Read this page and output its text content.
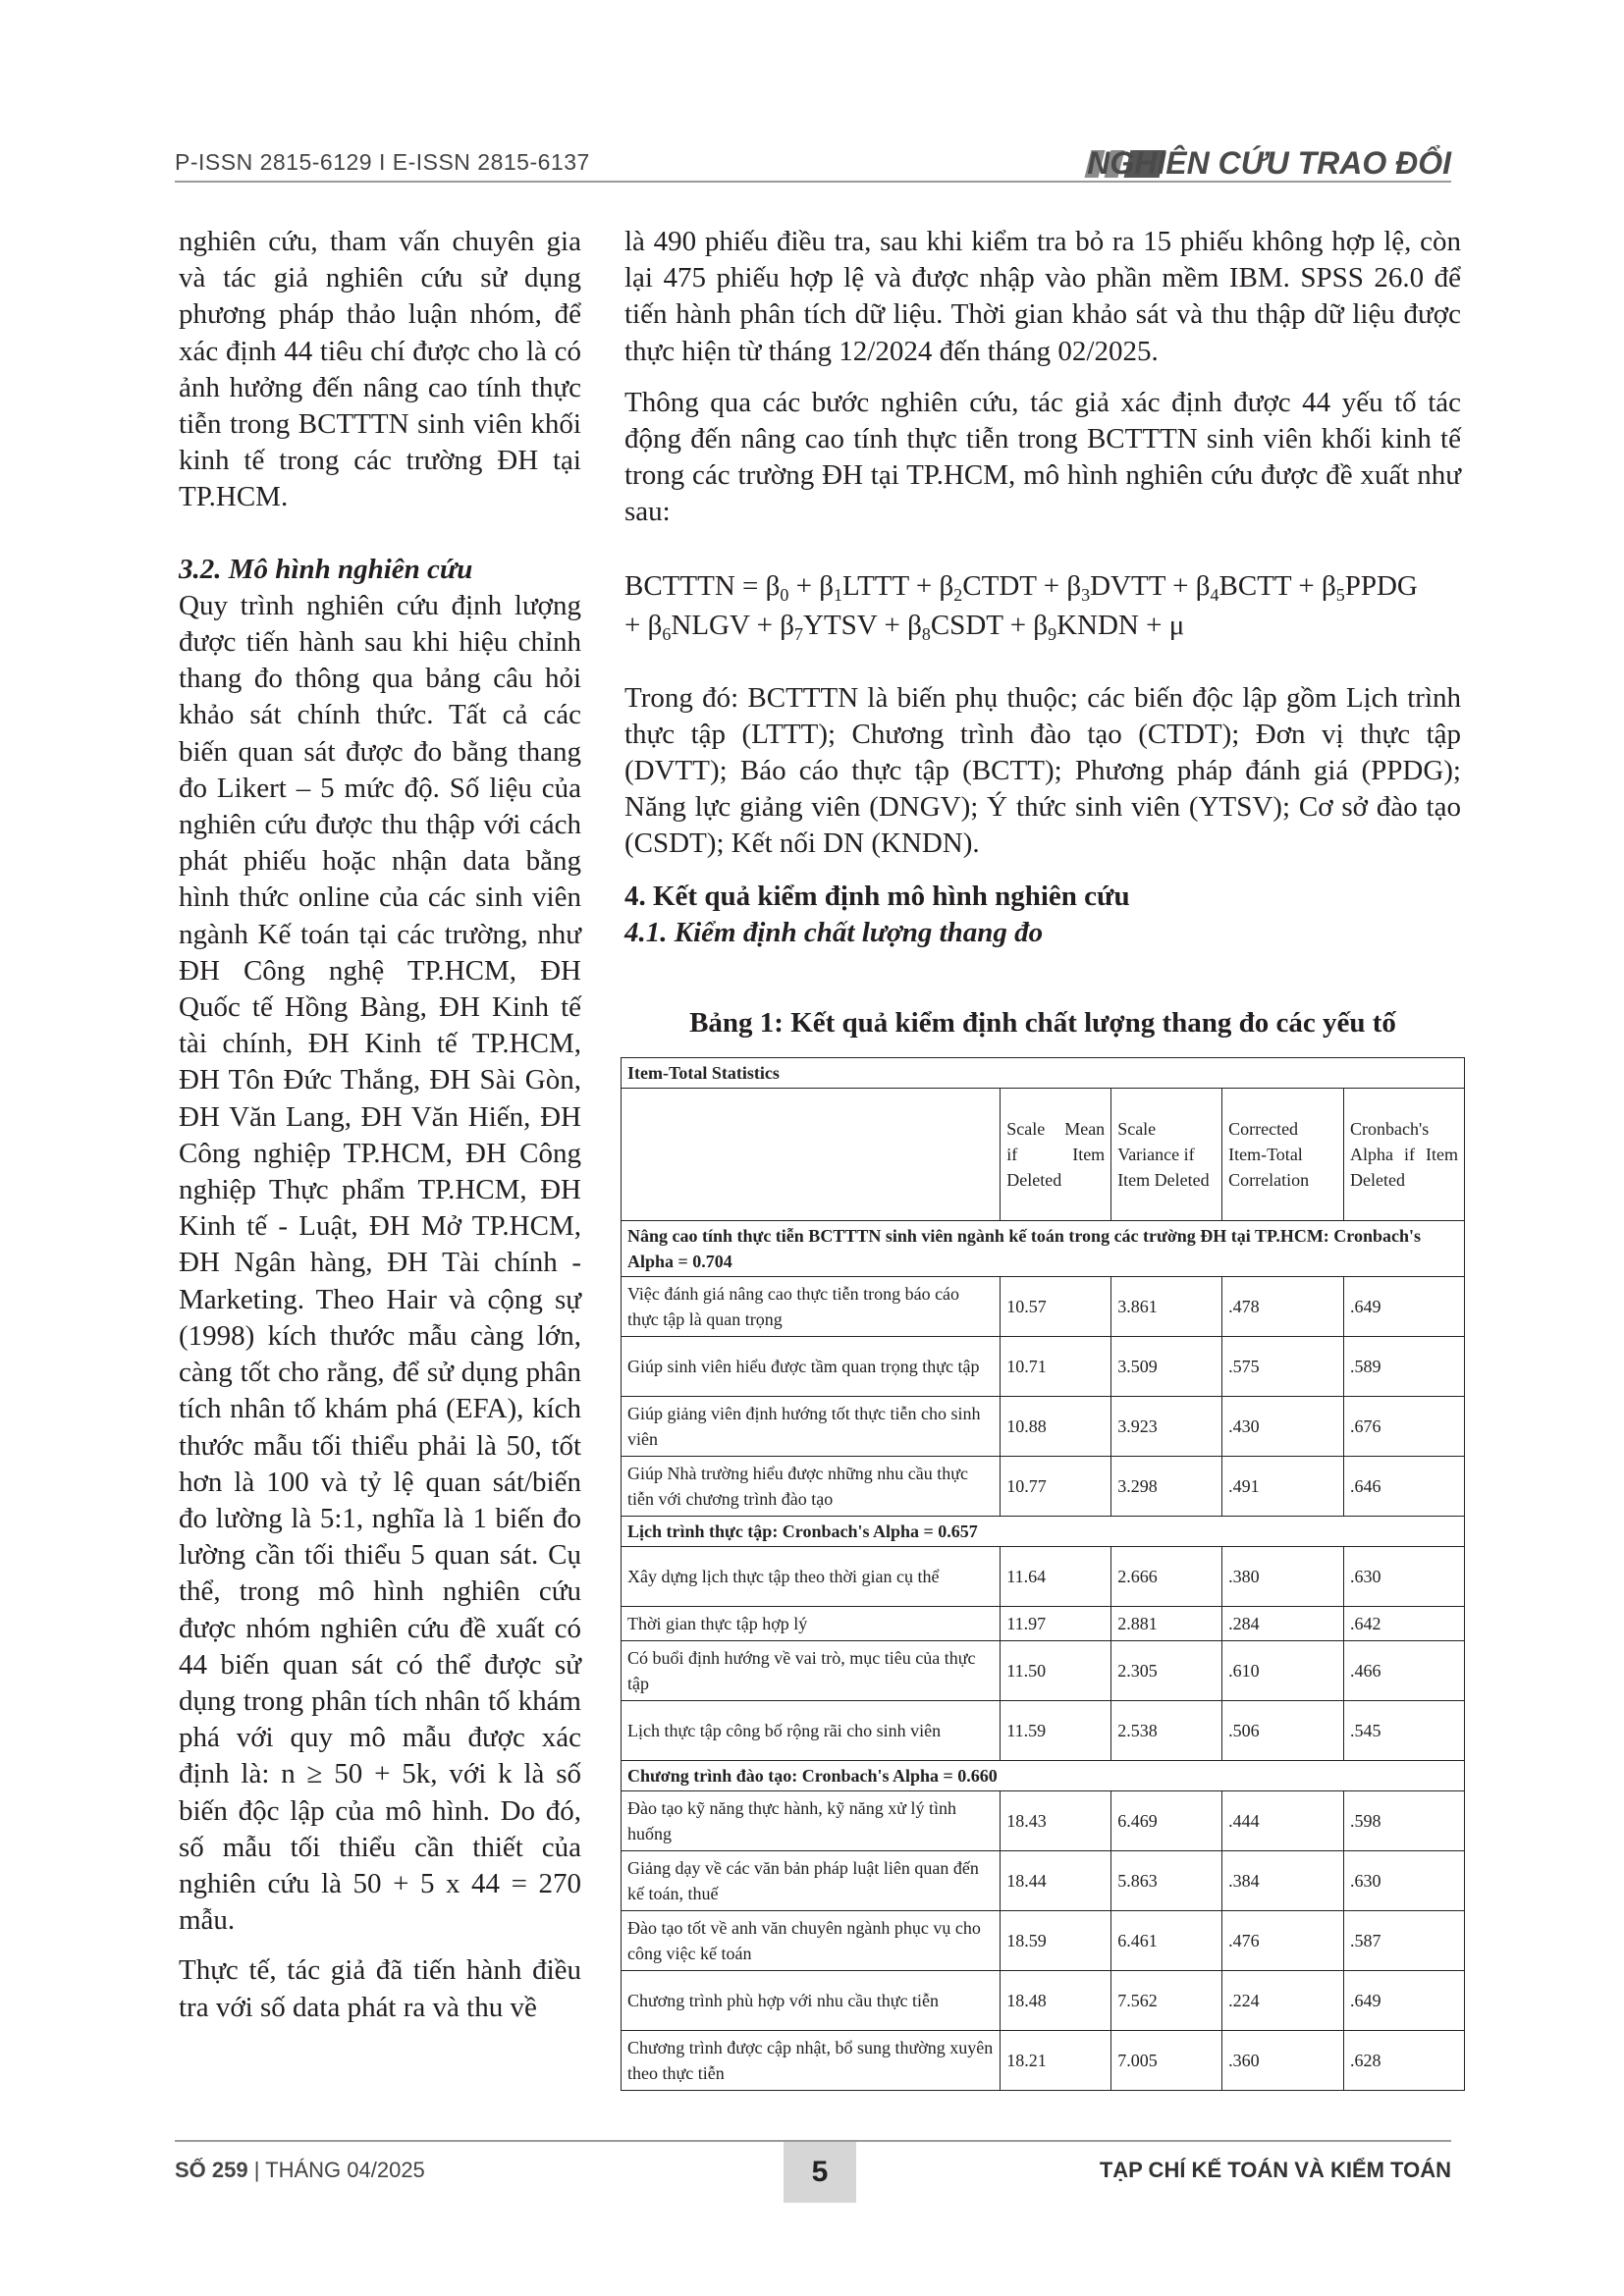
P-ISSN 2815-6129 I E-ISSN 2815-6137	NGHIÊN CỨU TRAO ĐỔI

nghiên cứu, tham vấn chuyên gia và tác giả nghiên cứu sử dụng phương pháp thảo luận nhóm, để xác định 44 tiêu chí được cho là có ảnh hưởng đến nâng cao tính thực tiễn trong BCTTTN sinh viên khối kinh tế trong các trường ĐH tại TP.HCM.

3.2. Mô hình nghiên cứu

Quy trình nghiên cứu định lượng được tiến hành sau khi hiệu chỉnh thang đo thông qua bảng câu hỏi khảo sát chính thức. Tất cả các biến quan sát được đo bằng thang đo Likert – 5 mức độ. Số liệu của nghiên cứu được thu thập với cách phát phiếu hoặc nhận data bằng hình thức online của các sinh viên ngành Kế toán tại các trường, như ĐH Công nghệ TP.HCM, ĐH Quốc tế Hồng Bàng, ĐH Kinh tế tài chính, ĐH Kinh tế TP.HCM, ĐH Tôn Đức Thắng, ĐH Sài Gòn, ĐH Văn Lang, ĐH Văn Hiến, ĐH Công nghiệp TP.HCM, ĐH Công nghiệp Thực phẩm TP.HCM, ĐH Kinh tế - Luật, ĐH Mở TP.HCM, ĐH Ngân hàng, ĐH Tài chính - Marketing. Theo Hair và cộng sự (1998) kích thước mẫu càng lớn, càng tốt cho rằng, để sử dụng phân tích nhân tố khám phá (EFA), kích thước mẫu tối thiểu phải là 50, tốt hơn là 100 và tỷ lệ quan sát/biến đo lường là 5:1, nghĩa là 1 biến đo lường cần tối thiểu 5 quan sát. Cụ thể, trong mô hình nghiên cứu được nhóm nghiên cứu đề xuất có 44 biến quan sát có thể được sử dụng trong phân tích nhân tố khám phá với quy mô mẫu được xác định là: n ≥ 50 + 5k, với k là số biến độc lập của mô hình. Do đó, số mẫu tối thiểu cần thiết của nghiên cứu là 50 + 5 x 44 = 270 mẫu.

Thực tế, tác giả đã tiến hành điều tra với số data phát ra và thu về

là 490 phiếu điều tra, sau khi kiểm tra bỏ ra 15 phiếu không hợp lệ, còn lại 475 phiếu hợp lệ và được nhập vào phần mềm IBM. SPSS 26.0 để tiến hành phân tích dữ liệu. Thời gian khảo sát và thu thập dữ liệu được thực hiện từ tháng 12/2024 đến tháng 02/2025.

Thông qua các bước nghiên cứu, tác giả xác định được 44 yếu tố tác động đến nâng cao tính thực tiễn trong BCTTTN sinh viên khối kinh tế trong các trường ĐH tại TP.HCM, mô hình nghiên cứu được đề xuất như sau:

BCTTTN = $\beta_0$ + $\beta_1LTTT$ + $\beta_2CTDT$ + $\beta_3DVTT$ + $\beta_4BCTT$ + $\beta_5PPDG$
+ $\beta_6NLGV$ + $\beta_7YTSV$ + $\beta_8CSDT$ + $\beta_9KNDN + \mu$

Trong đó: BCTTTN là biến phụ thuộc; các biến độc lập gồm Lịch trình thực tập (LTTT); Chương trình đào tạo (CTDT); Đơn vị thực tập (DVTT); Báo cáo thực tập (BCTT); Phương pháp đánh giá (PPDG); Năng lực giảng viên (DNGV); Ý thức sinh viên (YTSV); Cơ sở đào tạo (CSDT); Kết nối DN (KNDN).

4. Kết quả kiểm định mô hình nghiên cứu

4.1. Kiểm định chất lượng thang đo

Bảng 1: Kết quả kiểm định chất lượng thang đo các yếu tố
Item-Total Statistics				
	Scale Mean if Item Deleted	Scale Variance if Item Deleted	Corrected Item-Total Correlation	Cronbach's Alpha if Item Deleted
Nâng cao tính thực tiễn BCTTTN sinh viên ngành kế toán trong các trường ĐH tại TP.HCM: Cronbach's Alpha = 0.704				
Việc đánh giá nâng cao thực tiễn trong báo cáo thực tập là quan trọng	10.57	3.861	.478	.649
Giúp sinh viên hiểu được tầm quan trọng thực tập	10.71	3.509	.575	.589
Giúp giảng viên định hướng tốt thực tiễn cho sinh viên	10.88	3.923	.430	.676
Giúp Nhà trường hiểu được những nhu cầu thực tiễn với chương trình đào tạo	10.77	3.298	.491	.646
Lịch trình thực tập: Cronbach's Alpha = 0.657				
Xây dựng lịch thực tập theo thời gian cụ thể	11.64	2.666	.380	.630
Thời gian thực tập hợp lý	11.97	2.881	.284	.642
Có buổi định hướng về vai trò, mục tiêu của thực tập	11.50	2.305	.610	.466
Lịch thực tập công bố rộng rãi cho sinh viên	11.59	2.538	.506	.545
Chương trình đào tạo: Cronbach's Alpha = 0.660				
Đào tạo kỹ năng thực hành, kỹ năng xử lý tình huống	18.43	6.469	.444	.598
Giảng dạy về các văn bản pháp luật liên quan đến kế toán, thuế	18.44	5.863	.384	.630
Đào tạo tốt về anh văn chuyên ngành phục vụ cho công việc kế toán	18.59	6.461	.476	.587
Chương trình phù hợp với nhu cầu thực tiễn	18.48	7.562	.224	.649
Chương trình được cập nhật, bổ sung thường xuyên theo thực tiễn	18.21	7.005	.360	.628
SỐ 259 | THÁNG 04/2025	5	TẠP CHÍ KẾ TOÁN VÀ KIỂM TOÁN
